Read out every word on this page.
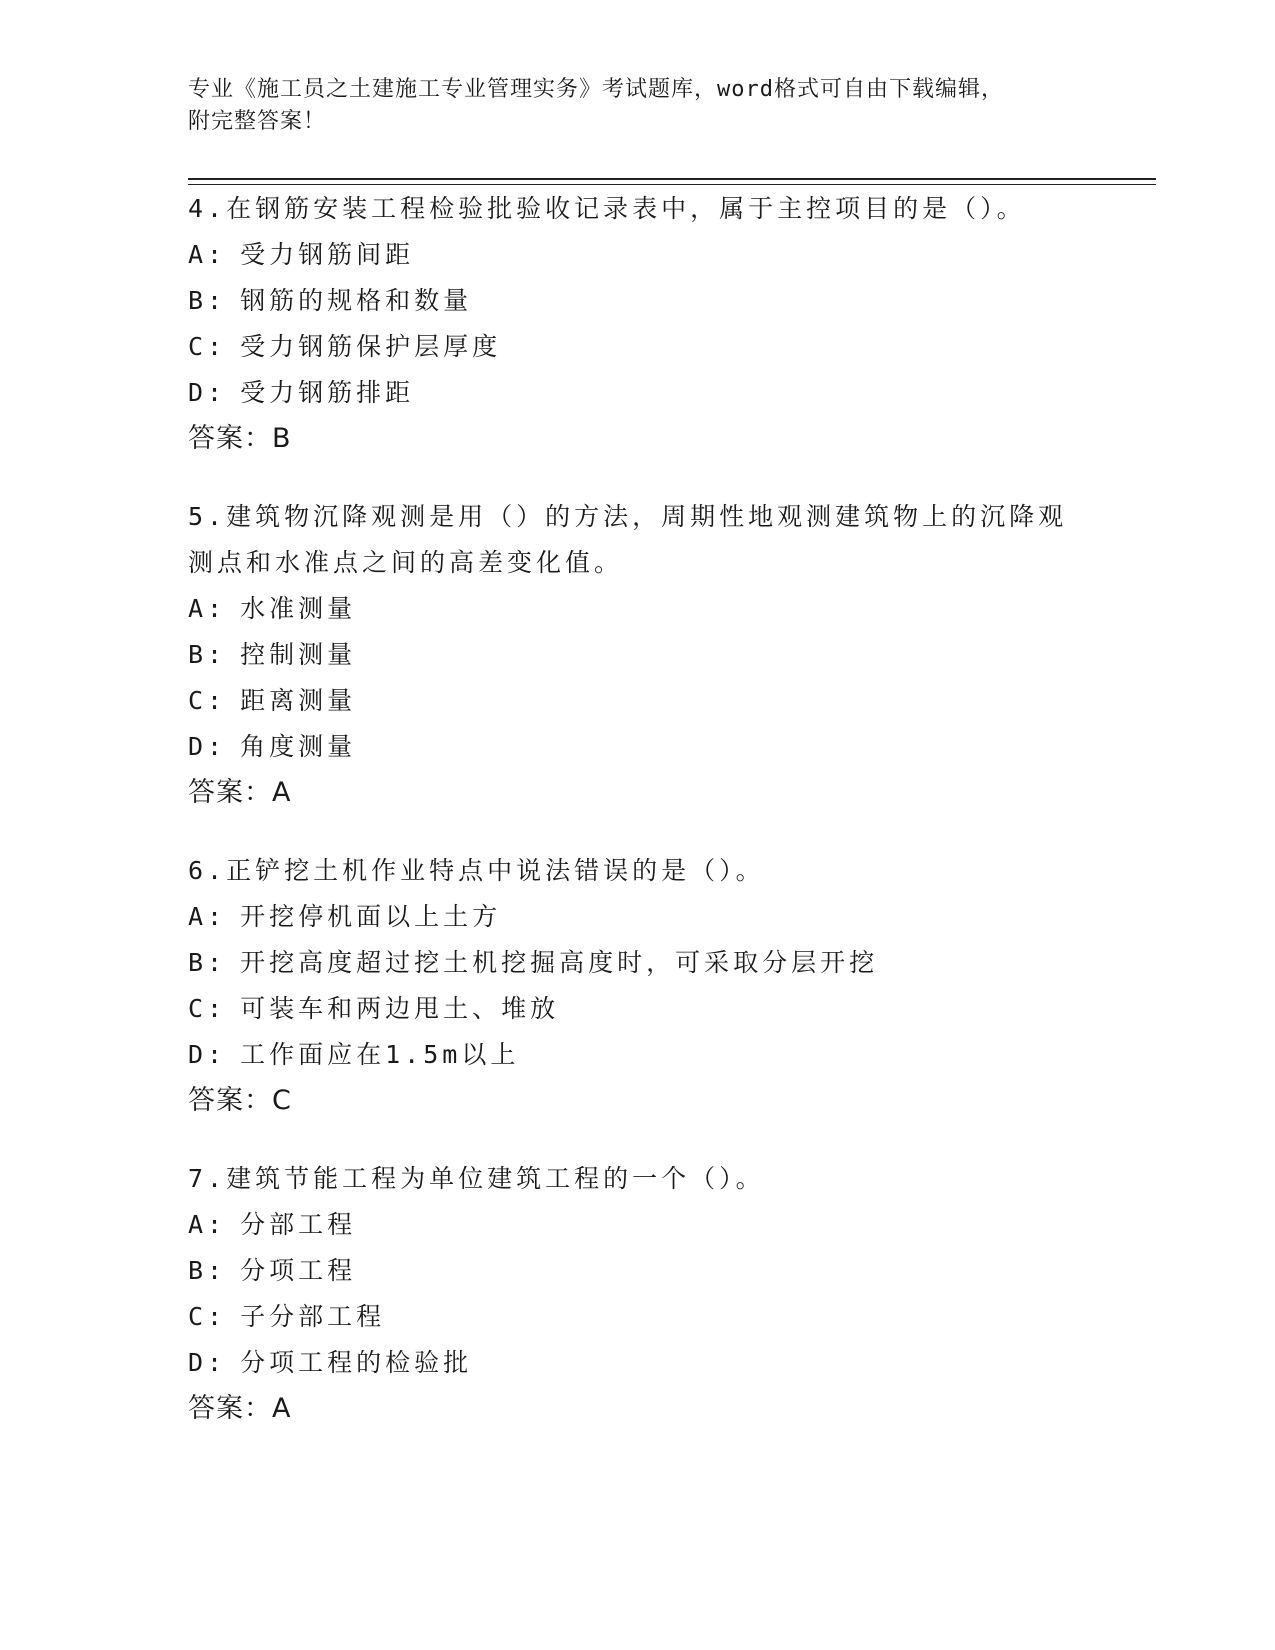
专业《施工员之土建施工专业管理实务》考试题库，word格式可自由下载编辑，
附完整答案！
4.在钢筋安装工程检验批验收记录表中，属于主控项目的是（）。
A: 受力钢筋间距
B: 钢筋的规格和数量
C: 受力钢筋保护层厚度
D: 受力钢筋排距
答案：B
5.建筑物沉降观测是用（）的方法，周期性地观测建筑物上的沉降观
测点和水准点之间的高差变化值。
A: 水准测量
B: 控制测量
C: 距离测量
D: 角度测量
答案：A
6.正铲挖土机作业特点中说法错误的是（）。
A: 开挖停机面以上土方
B: 开挖高度超过挖土机挖掘高度时，可采取分层开挖
C: 可装车和两边甩土、堆放
D: 工作面应在1.5m以上
答案：C
7.建筑节能工程为单位建筑工程的一个（）。
A: 分部工程
B: 分项工程
C: 子分部工程
D: 分项工程的检验批
答案：A
